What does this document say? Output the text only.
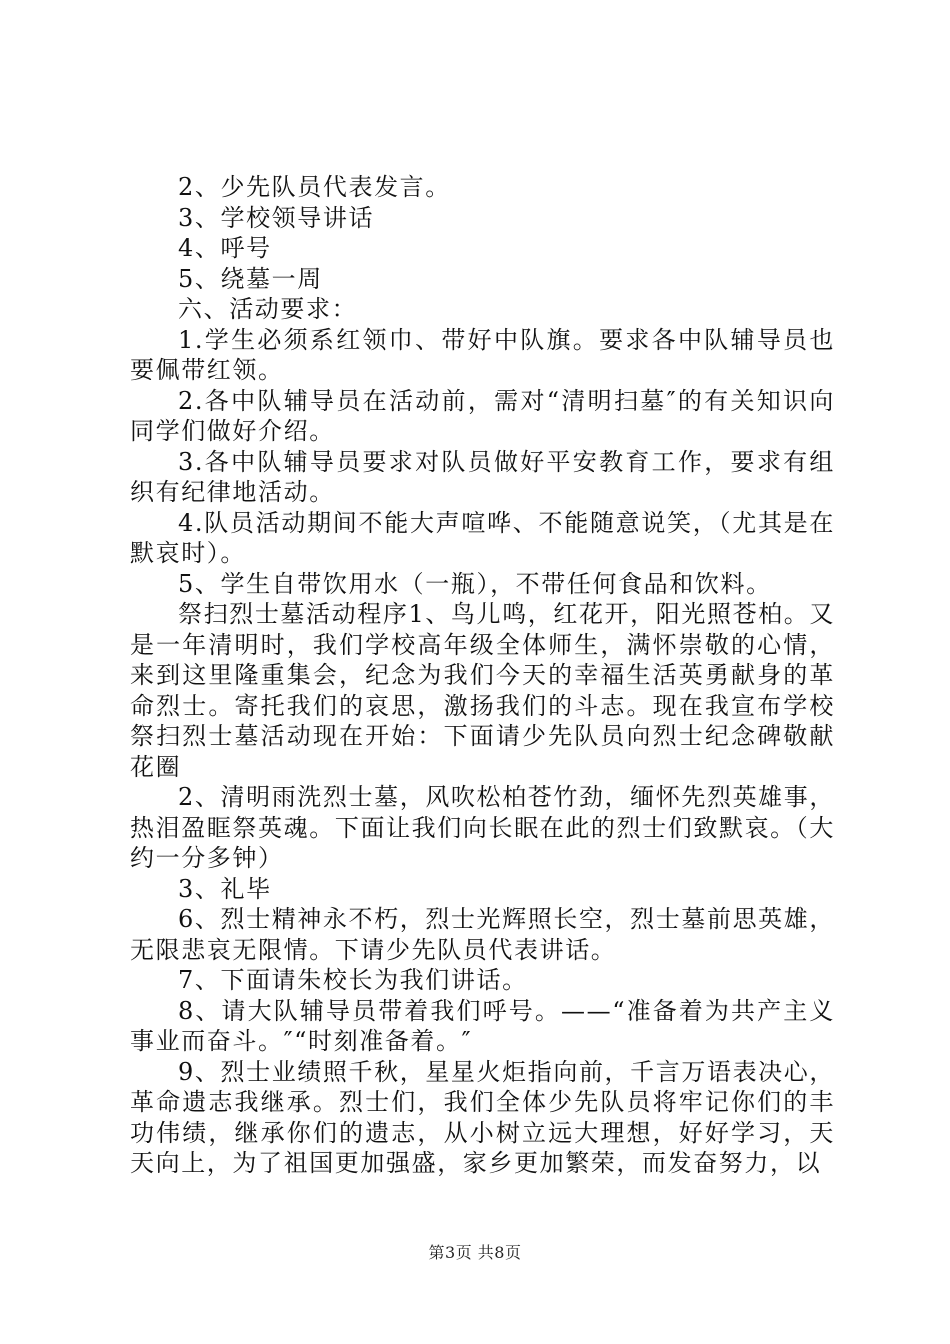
2、少先队员代表发言。

3、学校领导讲话

4、呼号

5、绕墓一周

六、活动要求：

1.学生必须系红领巾、带好中队旗。要求各中队辅导员也要佩带红领。

2.各中队辅导员在活动前，需对“清明扫墓″的有关知识向同学们做好介绍。

3.各中队辅导员要求对队员做好平安教育工作，要求有组织有纪律地活动。

4.队员活动期间不能大声喧哗、不能随意说笑，（尤其是在默哀时）。

5、学生自带饮用水（一瓶），不带任何食品和饮料。

祭扫烈士墓活动程序1、鸟儿鸣，红花开，阳光照苍柏。又是一年清明时，我们学校高年级全体师生，满怀崇敬的心情，来到这里隆重集会，纪念为我们今天的幸福生活英勇献身的革命烈士。寄托我们的哀思，激扬我们的斗志。现在我宣布学校祭扫烈士墓活动现在开始：下面请少先队员向烈士纪念碑敬献花圈

2、清明雨洗烈士墓，风吹松柏苍竹劲，缅怀先烈英雄事，热泪盈眶祭英魂。下面让我们向长眠在此的烈士们致默哀。（大约一分多钟）

3、礼毕

6、烈士精神永不朽，烈士光辉照长空，烈士墓前思英雄，无限悲哀无限情。下请少先队员代表讲话。

7、下面请朱校长为我们讲话。

8、请大队辅导员带着我们呼号。——“准备着为共产主义事业而奋斗。″“时刻准备着。″

9、烈士业绩照千秋，星星火炬指向前，千言万语表决心，革命遗志我继承。烈士们，我们全体少先队员将牢记你们的丰功伟绩，继承你们的遗志，从小树立远大理想，好好学习，天天向上，为了祖国更加强盛，家乡更加繁荣，而发奋努力，以

第3页 共8页
